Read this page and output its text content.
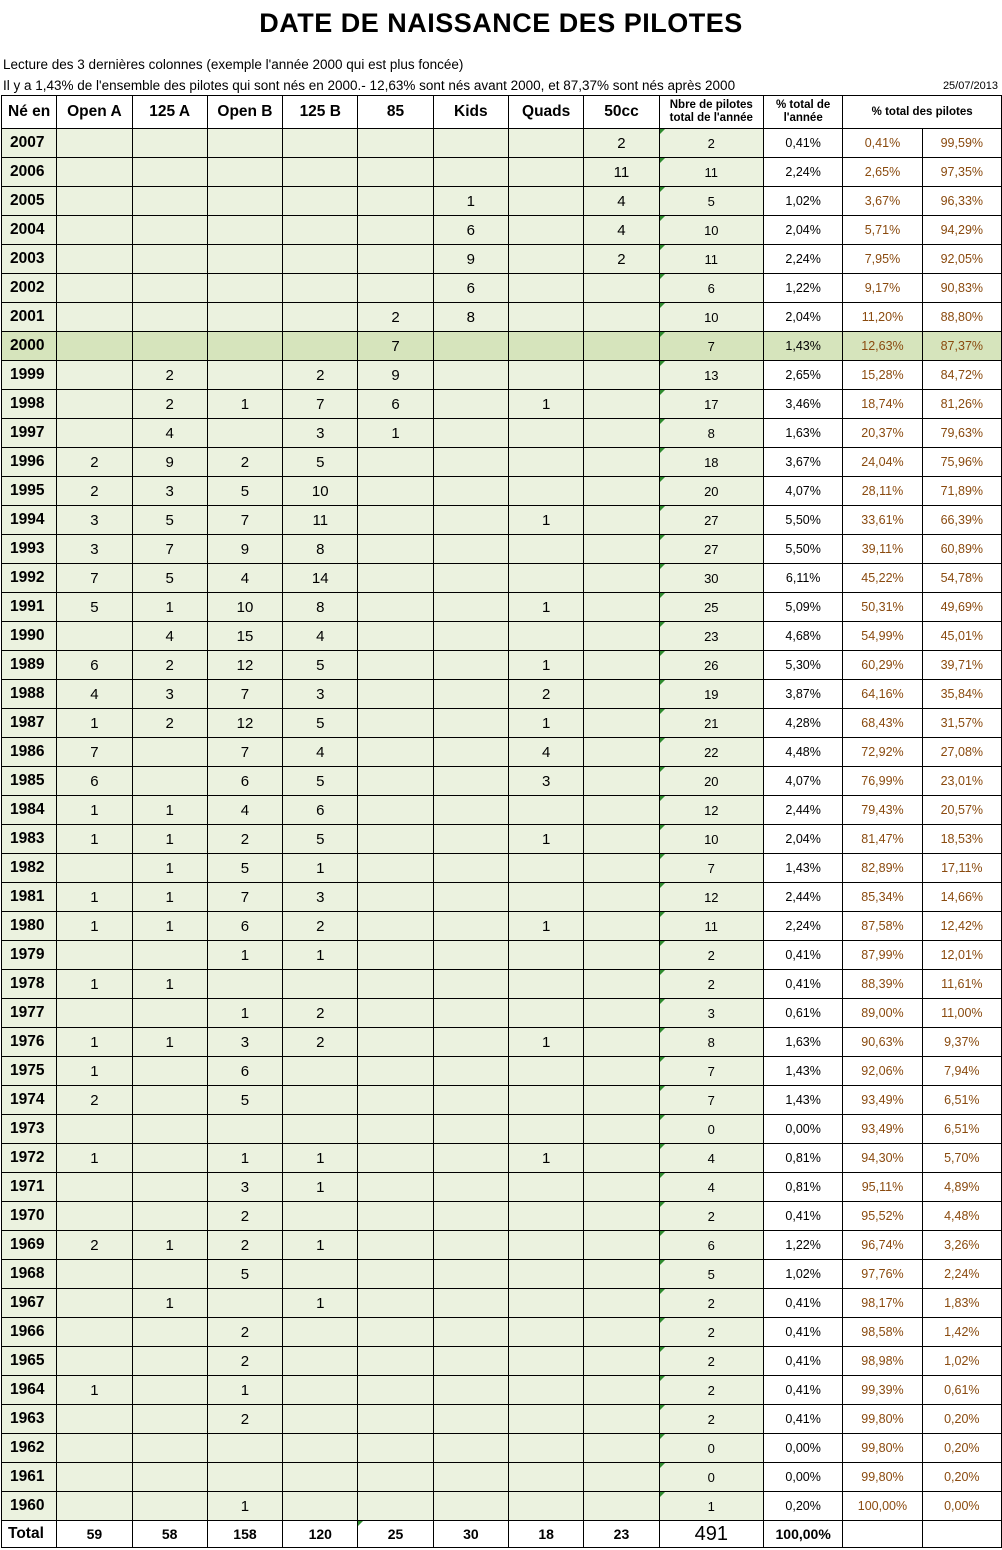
DATE DE NAISSANCE DES PILOTES
Lecture des 3 dernières colonnes (exemple l'année 2000 qui est plus foncée)
Il y a 1,43% de l'ensemble des pilotes qui sont nés en 2000.- 12,63% sont nés avant 2000, et 87,37% sont nés après 2000	25/07/2013
Né en	Open A	125 A	Open B	125 B	85	Kids	Quads	50cc	Nbre de pilotes total de l'année	% total de l'année	% total des pilotes	
2007								2	2	0,41%	0,41%	99,59%
2006								11	11	2,24%	2,65%	97,35%
2005						1		4	5	1,02%	3,67%	96,33%
2004						6		4	10	2,04%	5,71%	94,29%
2003						9		2	11	2,24%	7,95%	92,05%
2002						6			6	1,22%	9,17%	90,83%
2001					2	8			10	2,04%	11,20%	88,80%
2000					7				7	1,43%	12,63%	87,37%
1999		2		2	9				13	2,65%	15,28%	84,72%
1998		2	1	7	6		1		17	3,46%	18,74%	81,26%
1997		4		3	1				8	1,63%	20,37%	79,63%
1996	2	9	2	5					18	3,67%	24,04%	75,96%
1995	2	3	5	10					20	4,07%	28,11%	71,89%
1994	3	5	7	11			1		27	5,50%	33,61%	66,39%
1993	3	7	9	8					27	5,50%	39,11%	60,89%
1992	7	5	4	14					30	6,11%	45,22%	54,78%
1991	5	1	10	8			1		25	5,09%	50,31%	49,69%
1990		4	15	4					23	4,68%	54,99%	45,01%
1989	6	2	12	5			1		26	5,30%	60,29%	39,71%
1988	4	3	7	3			2		19	3,87%	64,16%	35,84%
1987	1	2	12	5			1		21	4,28%	68,43%	31,57%
1986	7		7	4			4		22	4,48%	72,92%	27,08%
1985	6		6	5			3		20	4,07%	76,99%	23,01%
1984	1	1	4	6					12	2,44%	79,43%	20,57%
1983	1	1	2	5			1		10	2,04%	81,47%	18,53%
1982		1	5	1					7	1,43%	82,89%	17,11%
1981	1	1	7	3					12	2,44%	85,34%	14,66%
1980	1	1	6	2			1		11	2,24%	87,58%	12,42%
1979			1	1					2	0,41%	87,99%	12,01%
1978	1	1							2	0,41%	88,39%	11,61%
1977			1	2					3	0,61%	89,00%	11,00%
1976	1	1	3	2			1		8	1,63%	90,63%	9,37%
1975	1		6						7	1,43%	92,06%	7,94%
1974	2		5						7	1,43%	93,49%	6,51%
1973									0	0,00%	93,49%	6,51%
1972	1		1	1			1		4	0,81%	94,30%	5,70%
1971			3	1					4	0,81%	95,11%	4,89%
1970			2						2	0,41%	95,52%	4,48%
1969	2	1	2	1					6	1,22%	96,74%	3,26%
1968			5						5	1,02%	97,76%	2,24%
1967		1		1					2	0,41%	98,17%	1,83%
1966			2						2	0,41%	98,58%	1,42%
1965			2						2	0,41%	98,98%	1,02%
1964	1		1						2	0,41%	99,39%	0,61%
1963			2						2	0,41%	99,80%	0,20%
1962									0	0,00%	99,80%	0,20%
1961									0	0,00%	99,80%	0,20%
1960			1						1	0,20%	100,00%	0,00%
Total	59	58	158	120	25	30	18	23	491	100,00%		
